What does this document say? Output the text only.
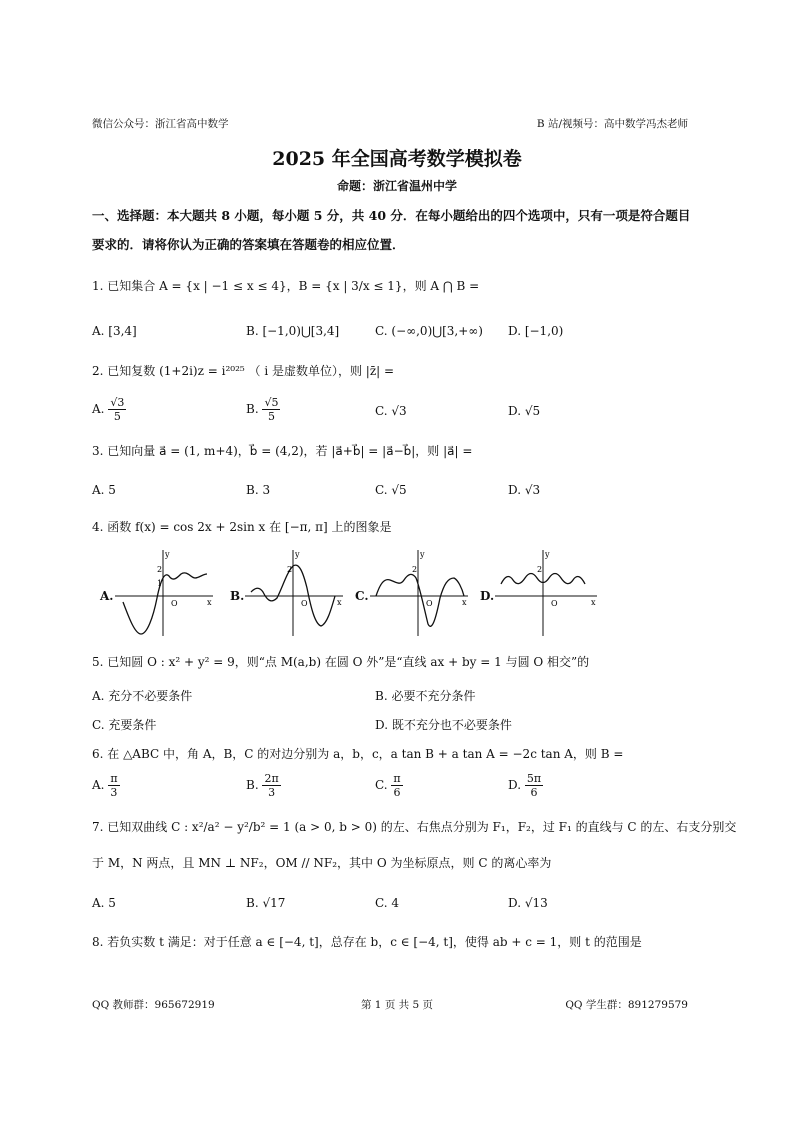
微信公众号：浙江省高中数学	B 站/视频号：高中数学冯杰老师
2025 年全国高考数学模拟卷
命题：浙江省温州中学
一、选择题：本大题共 8 小题，每小题 5 分，共 40 分．在每小题给出的四个选项中，只有一项是符合题目
要求的．请将你认为正确的答案填在答题卷的相应位置．
1. 已知集合 A = {x | −1 ≤ x ≤ 4}，B = {x | 3/x ≤ 1}，则 A ⋂ B =
A. [3,4]	B. [−1,0)⋃[3,4]	C. (−∞,0)⋃[3,+∞) D. [−1,0)
2. 已知复数 (1+2i)z = i²⁰²⁵ （ i 是虚数单位），则 |z̄| =
A. $\frac{√3}{5}$	B. $\frac{√5}{5}$	C. √3	D. √5
3. 已知向量 a⃗ = (1, m+4)，b⃗ = (4,2)，若 |a⃗+b⃗| = |a⃗−b⃗|，则 |a⃗| =
A. 5	B. 3	C. √5	D. √3
4. 函数 f(x) = cos 2x + 2sin x 在 [−π, π] 上的图象是
A.	B.	C.	D.
y
2
1
O	x
y
2
O	x
y
2
O	x
y
2
O	x
5. 已知圆 O : x² + y² = 9，则“点 M(a,b) 在圆 O 外”是“直线 ax + by = 1 与圆 O 相交”的
A. 充分不必要条件	B. 必要不充分条件
C. 充要条件	D. 既不充分也不必要条件
6. 在 △ABC 中，角 A，B，C 的对边分别为 a，b，c，a tan B + a tan A = −2c tan A，则 B =
A. $\frac{\pi}{3}$	B. $\frac{2\pi}{3}$	C. $\frac{\pi}{6}$	D. $\frac{5\pi}{6}$
7. 已知双曲线 C : x²/a² − y²/b² = 1 (a > 0, b > 0) 的左、右焦点分别为 F₁，F₂，过 F₁ 的直线与 C 的左、右支分别交
于 M，N 两点，且 MN ⊥ NF₂，OM // NF₂，其中 O 为坐标原点，则 C 的离心率为
A. 5	B. √17	C. 4	D. √13
8. 若负实数 t 满足：对于任意 a ∈ [−4, t]，总存在 b，c ∈ [−4, t]，使得 ab + c = 1，则 t 的范围是
QQ 教师群：965672919	第 1 页 共 5 页	QQ 学生群：891279579
